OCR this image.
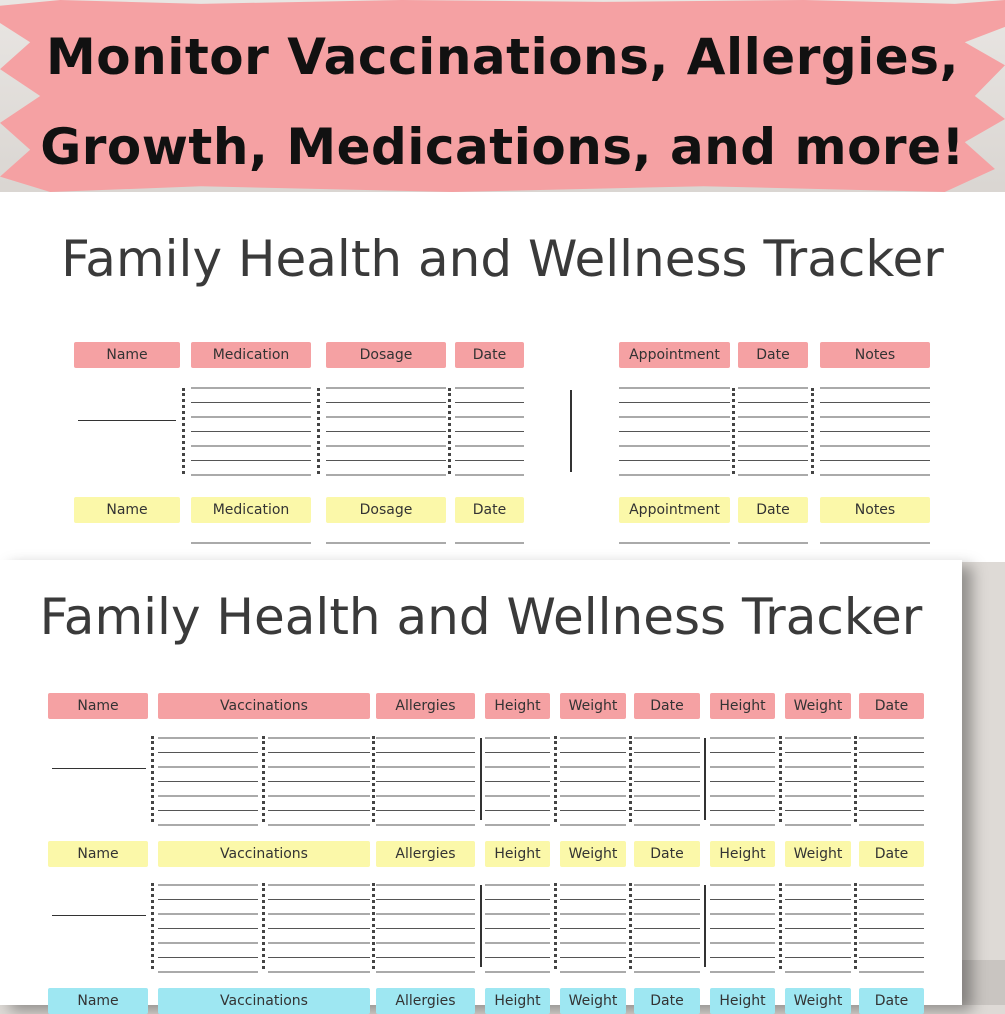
Monitor Vaccinations, Allergies,
Growth, Medications, and more!
Family Health and Wellness Tracker
Name	Medication	Dosage	Date	Appointment	Date	Notes
Name	Medication	Dosage	Date	Appointment	Date	Notes
Family Health and Wellness Tracker
Name	Vaccinations	Allergies	Height	Weight	Date	Height	Weight	Date
Name	Vaccinations	Allergies	Height	Weight	Date	Height	Weight	Date
Name	Vaccinations	Allergies	Height	Weight	Date	Height	Weight	Date
